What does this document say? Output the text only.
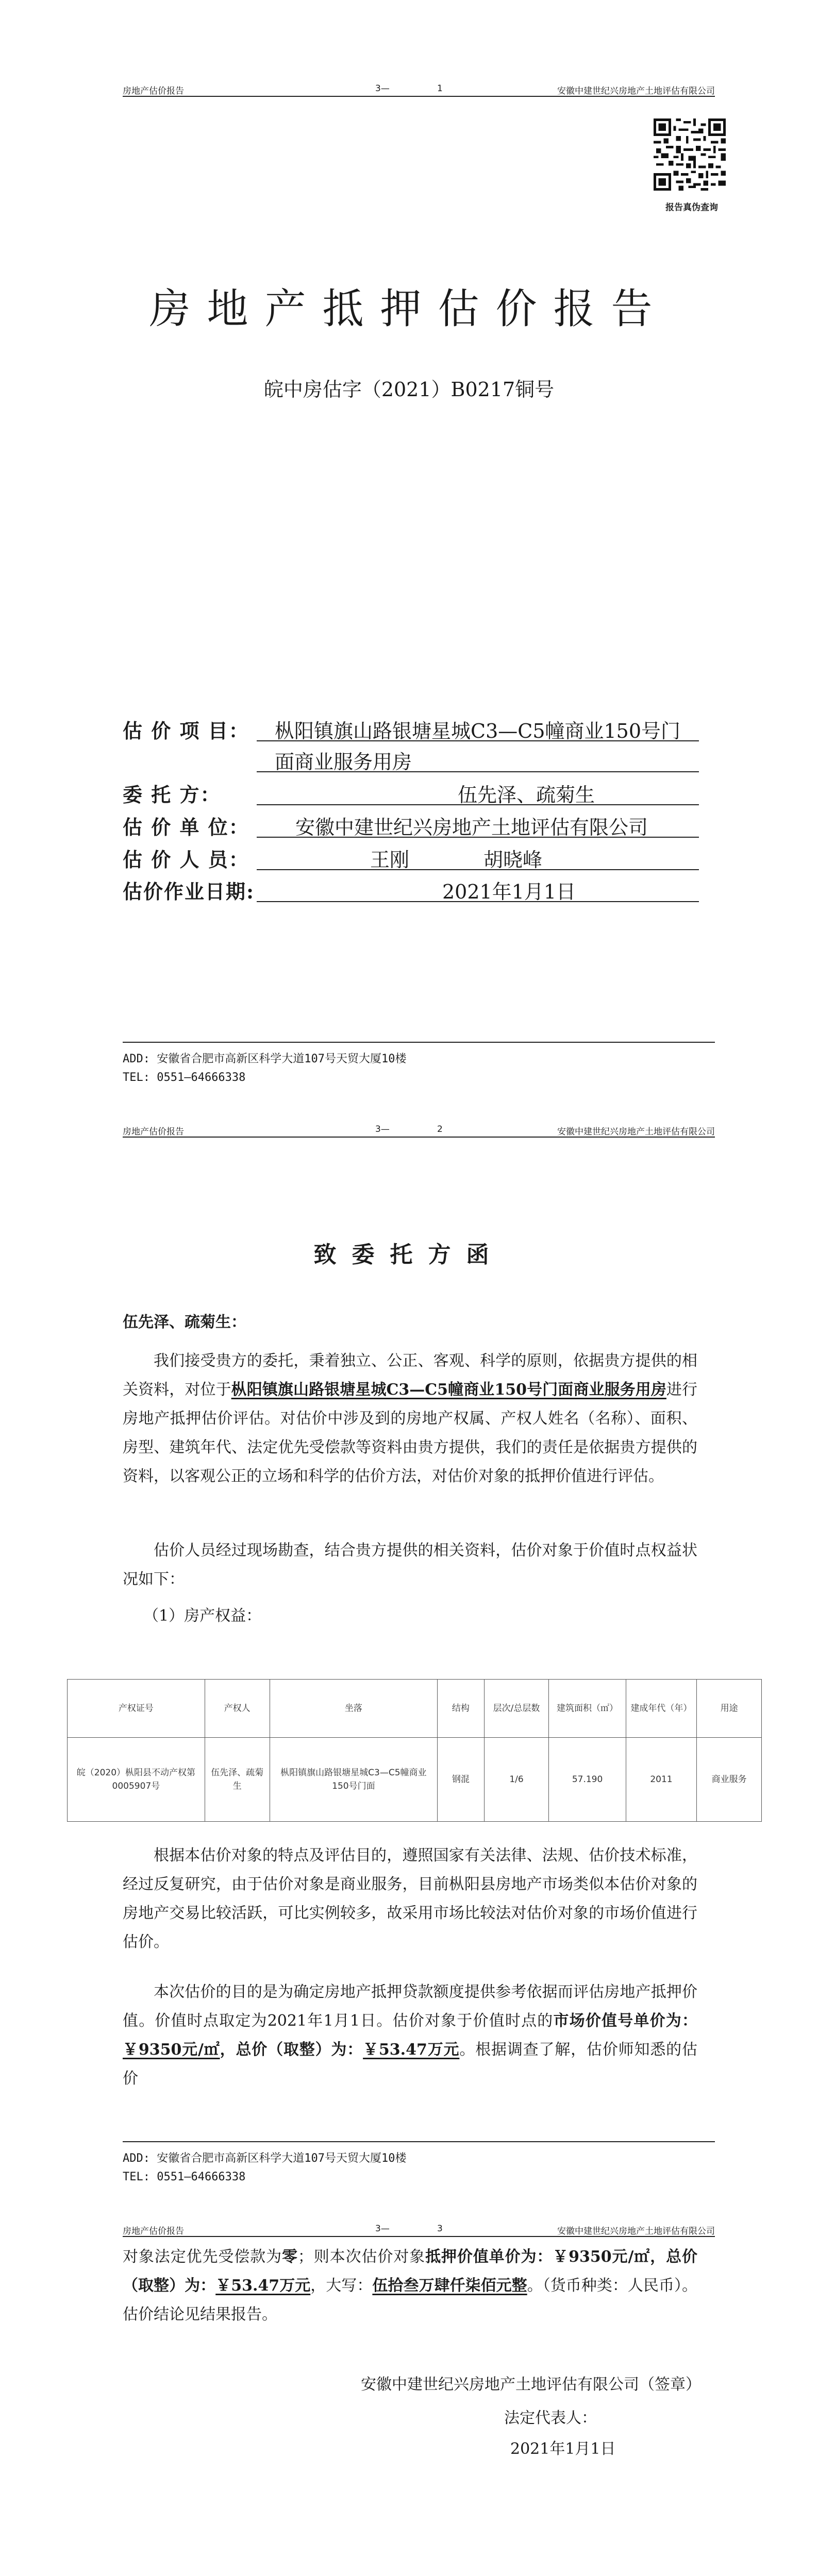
房地产估价报告	3—	1	安徽中建世纪兴房地产土地评估有限公司
报告真伪查询
房地产抵押估价报告
皖中房估字（2021）B0217铜号
估 价 项 目： 枞阳镇旗山路银塘星城C3—C5幢商业150号门
面商业服务用房
委 托 方：	伍先泽、疏菊生
估 价 单 位： 安徽中建世纪兴房地产土地评估有限公司
估 价 人 员：	王刚	胡晓峰
估价作业日期:	2021年1月1日
ADD: 安徽省合肥市高新区科学大道107号天贸大厦10楼
TEL: 0551—64666338
房地产估价报告	3—	2	安徽中建世纪兴房地产土地评估有限公司
致委托方函
伍先泽、疏菊生：
我们接受贵方的委托，秉着独立、公正、客观、科学的原则，依据贵方提供的相关资料，对位于枞阳镇旗山路银塘星城C3—C5幢商业150号门面商业服务用房进行房地产抵押估价评估。对估价中涉及到的房地产权属、产权人姓名（名称）、面积、房型、建筑年代、法定优先受偿款等资料由贵方提供，我们的责任是依据贵方提供的资料，以客观公正的立场和科学的估价方法，对估价对象的抵押价值进行评估。
估价人员经过现场勘查，结合贵方提供的相关资料，估价对象于价值时点权益状况如下：
（1）房产权益：
产权证号	产权人	坐落	结构	层次/总层数	建筑面积（㎡）	建成年代（年）	用途
皖（2020）枞阳县不动产权第0005907号	伍先泽、疏菊生	枞阳镇旗山路银塘星城C3—C5幢商业150号门面	钢混	1/6	57.190	2011	商业服务
根据本估价对象的特点及评估目的，遵照国家有关法律、法规、估价技术标准，经过反复研究，由于估价对象是商业服务，目前枞阳县房地产市场类似本估价对象的房地产交易比较活跃，可比实例较多，故采用市场比较法对估价对象的市场价值进行估价。
本次估价的目的是为确定房地产抵押贷款额度提供参考依据而评估房地产抵押价值。价值时点取定为2021年1月1日。估价对象于价值时点的市场价值号单价为：￥9350元/㎡，总价（取整）为：￥53.47万元。根据调查了解，估价师知悉的估价
ADD: 安徽省合肥市高新区科学大道107号天贸大厦10楼
TEL: 0551—64666338
房地产估价报告	3—	3	安徽中建世纪兴房地产土地评估有限公司
对象法定优先受偿款为零；则本次估价对象抵押价值单价为：￥9350元/㎡，总价（取整）为：￥53.47万元，大写：伍拾叁万肆仟柒佰元整。（货币种类：人民币）。估价结论见结果报告。
安徽中建世纪兴房地产土地评估有限公司（签章）
法定代表人：
2021年1月1日
